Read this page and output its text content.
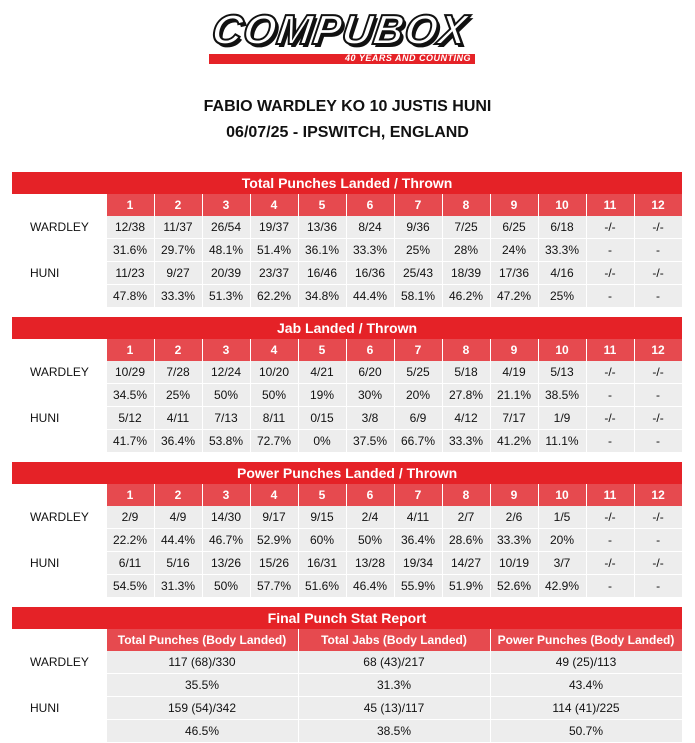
COMPUBOX
40 YEARS AND COUNTING
FABIO WARDLEY KO 10 JUSTIS HUNI
06/07/25 - IPSWITCH, ENGLAND
Total Punches Landed / Thrown												
	1	2	3	4	5	6	7	8	9	10	11	12
WARDLEY	12/38	11/37	26/54	19/37	13/36	8/24	9/36	7/25	6/25	6/18	-/-	-/-
	31.6%	29.7%	48.1%	51.4%	36.1%	33.3%	25%	28%	24%	33.3%	-	-
HUNI	11/23	9/27	20/39	23/37	16/46	16/36	25/43	18/39	17/36	4/16	-/-	-/-
	47.8%	33.3%	51.3%	62.2%	34.8%	44.4%	58.1%	46.2%	47.2%	25%	-	-
Jab Landed / Thrown												
	1	2	3	4	5	6	7	8	9	10	11	12
WARDLEY	10/29	7/28	12/24	10/20	4/21	6/20	5/25	5/18	4/19	5/13	-/-	-/-
	34.5%	25%	50%	50%	19%	30%	20%	27.8%	21.1%	38.5%	-	-
HUNI	5/12	4/11	7/13	8/11	0/15	3/8	6/9	4/12	7/17	1/9	-/-	-/-
	41.7%	36.4%	53.8%	72.7%	0%	37.5%	66.7%	33.3%	41.2%	11.1%	-	-
Power Punches Landed / Thrown												
	1	2	3	4	5	6	7	8	9	10	11	12
WARDLEY	2/9	4/9	14/30	9/17	9/15	2/4	4/11	2/7	2/6	1/5	-/-	-/-
	22.2%	44.4%	46.7%	52.9%	60%	50%	36.4%	28.6%	33.3%	20%	-	-
HUNI	6/11	5/16	13/26	15/26	16/31	13/28	19/34	14/27	10/19	3/7	-/-	-/-
	54.5%	31.3%	50%	57.7%	51.6%	46.4%	55.9%	51.9%	52.6%	42.9%	-	-
Final Punch Stat Report			
	Total Punches (Body Landed)	Total Jabs (Body Landed)	Power Punches (Body Landed)
WARDLEY	117 (68)/330	68 (43)/217	49 (25)/113
	35.5%	31.3%	43.4%
HUNI	159 (54)/342	45 (13)/117	114 (41)/225
	46.5%	38.5%	50.7%
